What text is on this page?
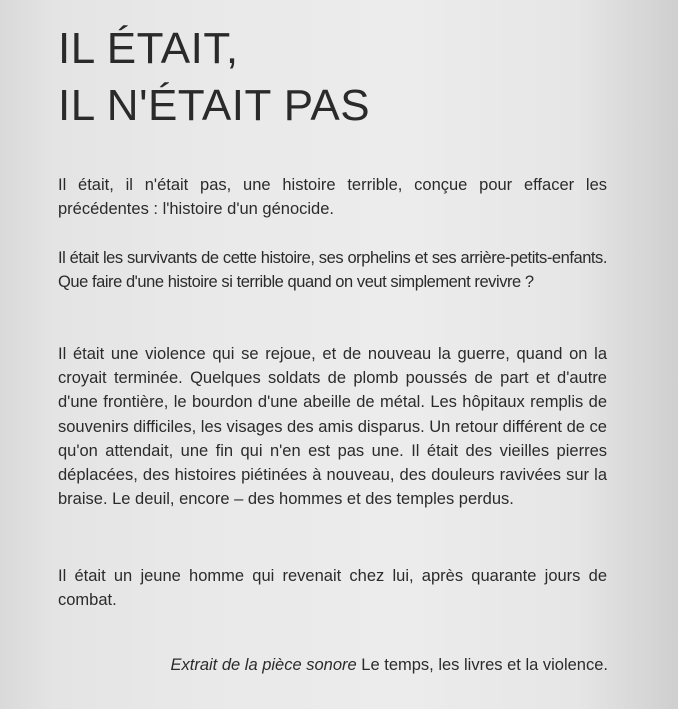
IL ÉTAIT,
IL N'ÉTAIT PAS

Il était, il n'était pas, une histoire terrible, conçue pour effacer les précédentes : l'histoire d'un génocide.

Il était les survivants de cette histoire, ses orphelins et ses arrière-petits-enfants. Que faire d'une histoire si terrible quand on veut simplement revivre ?

Il était une violence qui se rejoue, et de nouveau la guerre, quand on la croyait terminée. Quelques soldats de plomb poussés de part et d'autre d'une frontière, le bourdon d'une abeille de métal. Les hôpitaux remplis de souvenirs difficiles, les visages des amis disparus. Un retour différent de ce qu'on attendait, une fin qui n'en est pas une. Il était des vieilles pierres déplacées, des histoires piétinées à nouveau, des douleurs ravivées sur la braise. Le deuil, encore – des hommes et des temples perdus.

Il était un jeune homme qui revenait chez lui, après quarante jours de combat.

Extrait de la pièce sonore Le temps, les livres et la violence.
